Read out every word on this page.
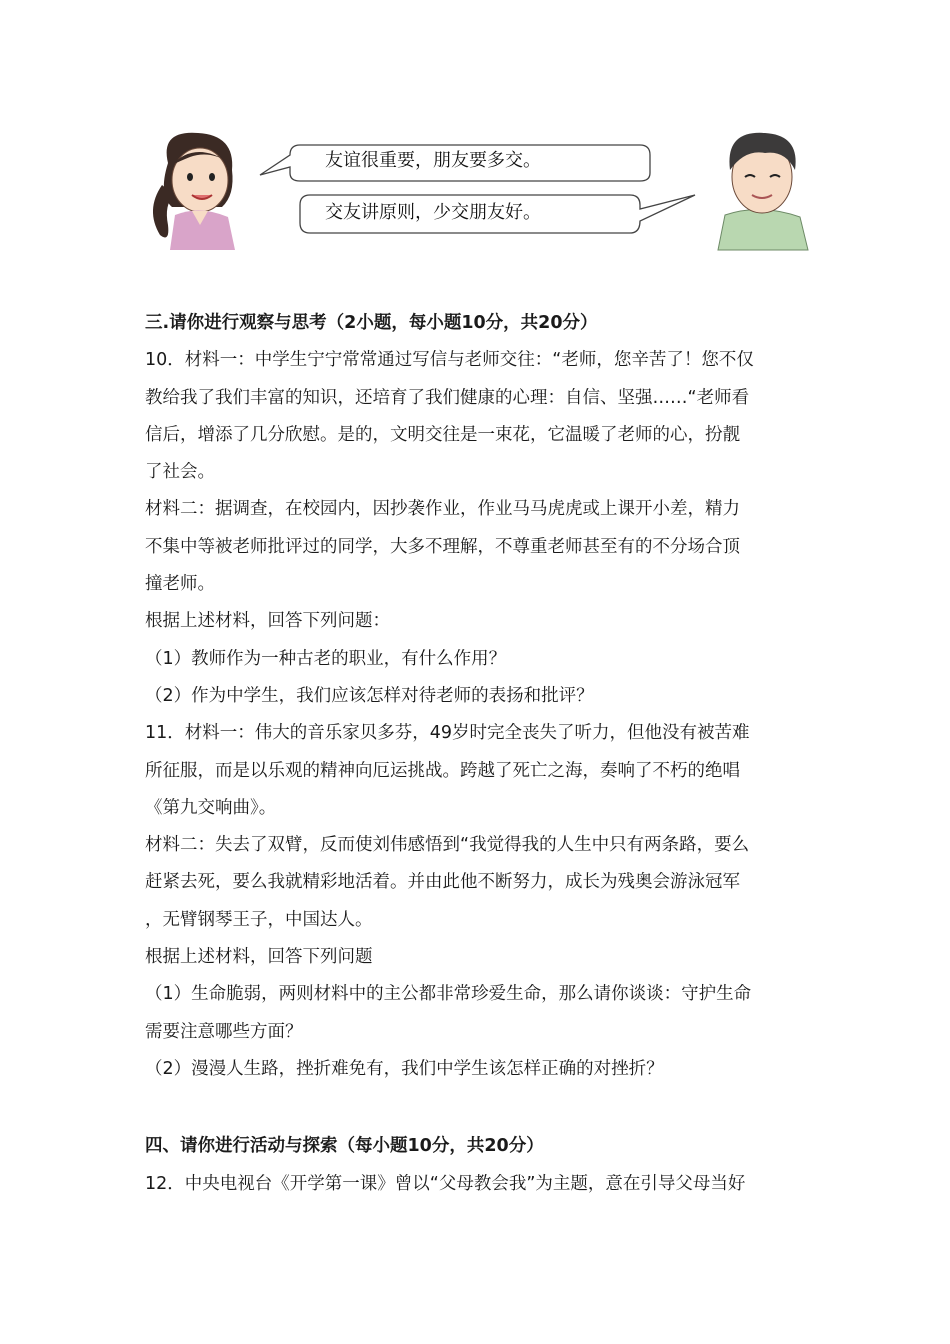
友谊很重要，朋友要多交。
交友讲原则，少交朋友好。

三.请你进行观察与思考（2小题，每小题10分，共20分）

10．材料一：中学生宁宁常常通过写信与老师交往：“老师，您辛苦了！您不仅

教给我了我们丰富的知识，还培育了我们健康的心理：自信、坚强……“老师看

信后，增添了几分欣慰。是的，文明交往是一束花，它温暖了老师的心，扮靓

了社会。

材料二：据调查，在校园内，因抄袭作业，作业马马虎虎或上课开小差，精力

不集中等被老师批评过的同学，大多不理解，不尊重老师甚至有的不分场合顶

撞老师。

根据上述材料，回答下列问题：

（1）教师作为一种古老的职业，有什么作用？

（2）作为中学生，我们应该怎样对待老师的表扬和批评？

11．材料一：伟大的音乐家贝多芬，49岁时完全丧失了听力，但他没有被苦难

所征服，而是以乐观的精神向厄运挑战。跨越了死亡之海，奏响了不朽的绝唱

《第九交响曲》。

材料二：失去了双臂，反而使刘伟感悟到“我觉得我的人生中只有两条路，要么

赶紧去死，要么我就精彩地活着。并由此他不断努力，成长为残奥会游泳冠军

，无臂钢琴王子，中国达人。

根据上述材料，回答下列问题

（1）生命脆弱，两则材料中的主公都非常珍爱生命，那么请你谈谈：守护生命

需要注意哪些方面？

（2）漫漫人生路，挫折难免有，我们中学生该怎样正确的对挫折？

四、请你进行活动与探索（每小题10分，共20分）

12．中央电视台《开学第一课》曾以“父母教会我”为主题，意在引导父母当好
